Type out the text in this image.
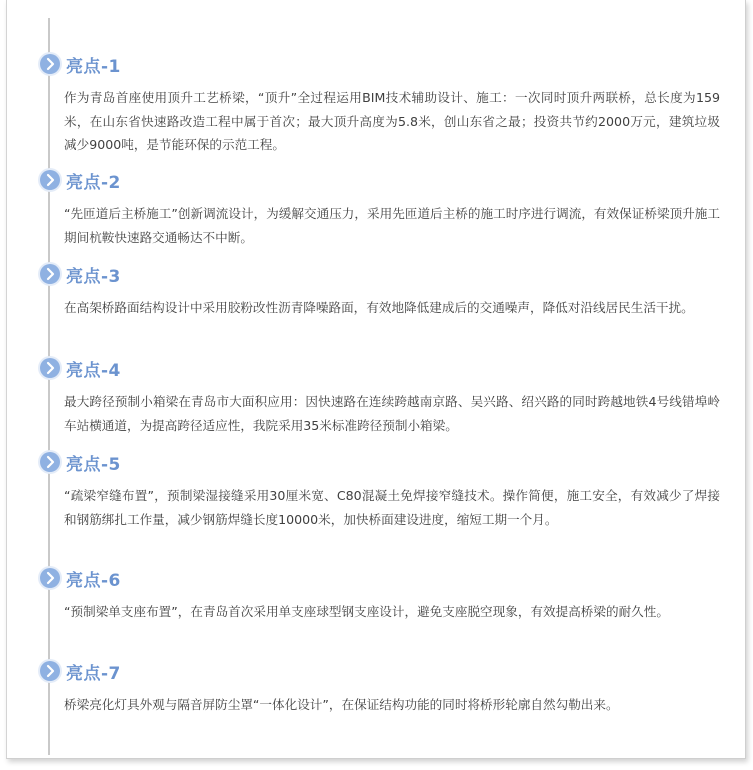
亮点-1
作为青岛首座使用顶升工艺桥梁，“顶升”全过程运用BIM技术辅助设计、施工：一次同时顶升两联桥，总长度为159米，在山东省快速路改造工程中属于首次；最大顶升高度为5.8米，创山东省之最；投资共节约2000万元，建筑垃圾减少9000吨，是节能环保的示范工程。
亮点-2
“先匝道后主桥施工”创新调流设计，为缓解交通压力，采用先匝道后主桥的施工时序进行调流，有效保证桥梁顶升施工期间杭鞍快速路交通畅达不中断。
亮点-3
在高架桥路面结构设计中采用胶粉改性沥青降噪路面，有效地降低建成后的交通噪声，降低对沿线居民生活干扰。
亮点-4
最大跨径预制小箱梁在青岛市大面积应用：因快速路在连续跨越南京路、吴兴路、绍兴路的同时跨越地铁4号线错埠岭车站横通道，为提高跨径适应性，我院采用35米标准跨径预制小箱梁。
亮点-5
“疏梁窄缝布置”，预制梁湿接缝采用30厘米宽、C80混凝土免焊接窄缝技术。操作简便，施工安全，有效减少了焊接和钢筋绑扎工作量，减少钢筋焊缝长度10000米，加快桥面建设进度，缩短工期一个月。
亮点-6
“预制梁单支座布置”，在青岛首次采用单支座球型钢支座设计，避免支座脱空现象，有效提高桥梁的耐久性。
亮点-7
桥梁亮化灯具外观与隔音屏防尘罩“一体化设计”，在保证结构功能的同时将桥形轮廓自然勾勒出来。
